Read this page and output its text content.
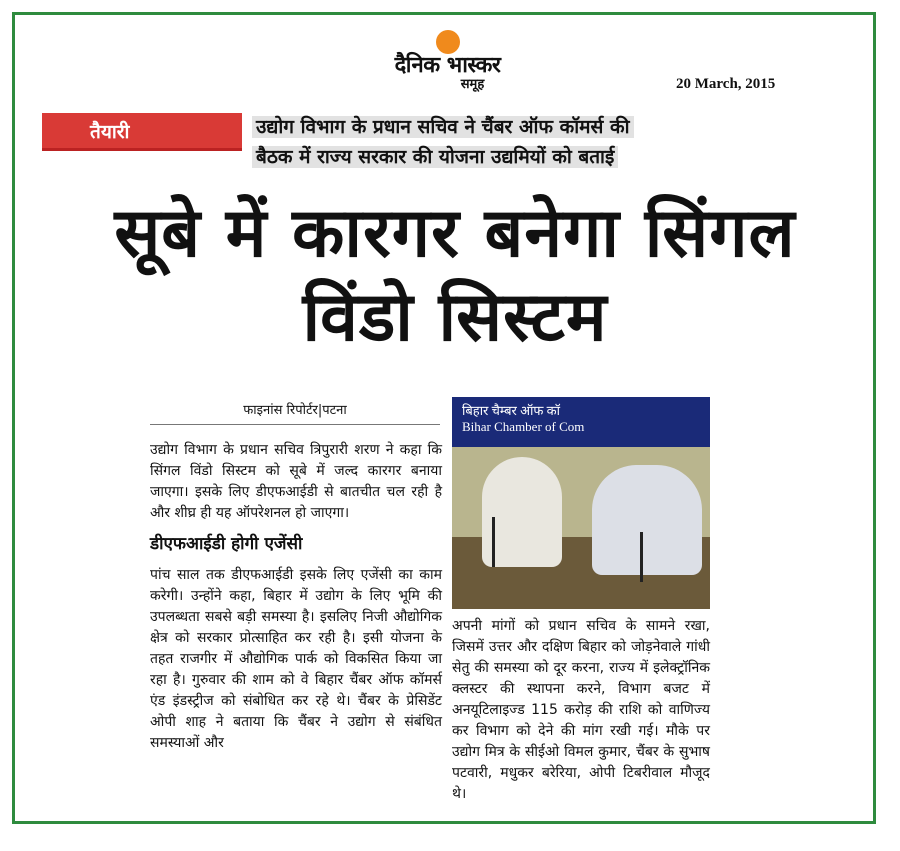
दैनिक भास्कर
समूह	20 March, 2015
तैयारी	उद्योग विभाग के प्रधान सचिव ने चैंबर ऑफ कॉमर्स की
बैठक में राज्य सरकार की योजना उद्यमियों को बताई
सूबे में कारगर बनेगा सिंगल
विंडो सिस्टम
फाइनांस रिपोर्टर|पटना

उद्योग विभाग के प्रधान सचिव त्रिपुरारी शरण ने कहा कि सिंगल विंडो सिस्टम को सूबे में जल्द कारगर बनाया जाएगा। इसके लिए डीएफआईडी से बातचीत चल रही है और शीघ्र ही यह ऑपरेशनल हो जाएगा।

डीएफआईडी होगी एजेंसी

पांच साल तक डीएफआईडी इसके लिए एजेंसी का काम करेगी। उन्होंने कहा, बिहार में उद्योग के लिए भूमि की उपलब्धता सबसे बड़ी समस्या है। इसलिए निजी औद्योगिक क्षेत्र को सरकार प्रोत्साहित कर रही है। इसी योजना के तहत राजगीर में औद्योगिक पार्क को विकसित किया जा रहा है। गुरुवार की शाम को वे बिहार चैंबर ऑफ कॉमर्स एंड इंडस्ट्रीज को संबोधित कर रहे थे। चैंबर के प्रेसिडेंट ओपी शाह ने बताया कि चैंबर ने उद्योग से संबंधित समस्याओं और

बिहार चैम्बर ऑफ कॉ
Bihar Chamber of Com
अपनी मांगों को प्रधान सचिव के सामने रखा, जिसमें उत्तर और दक्षिण बिहार को जोड़नेवाले गांधी सेतु की समस्या को दूर करना, राज्य में इलेक्ट्रॉनिक क्लस्टर की स्थापना करने, विभाग बजट में अनयूटिलाइज्ड 115 करोड़ की राशि को वाणिज्य कर विभाग को देने की मांग रखी गई। मौके पर उद्योग मित्र के सीईओ विमल कुमार, चैंबर के सुभाष पटवारी, मधुकर बरेरिया, ओपी टिबरीवाल मौजूद थे।
